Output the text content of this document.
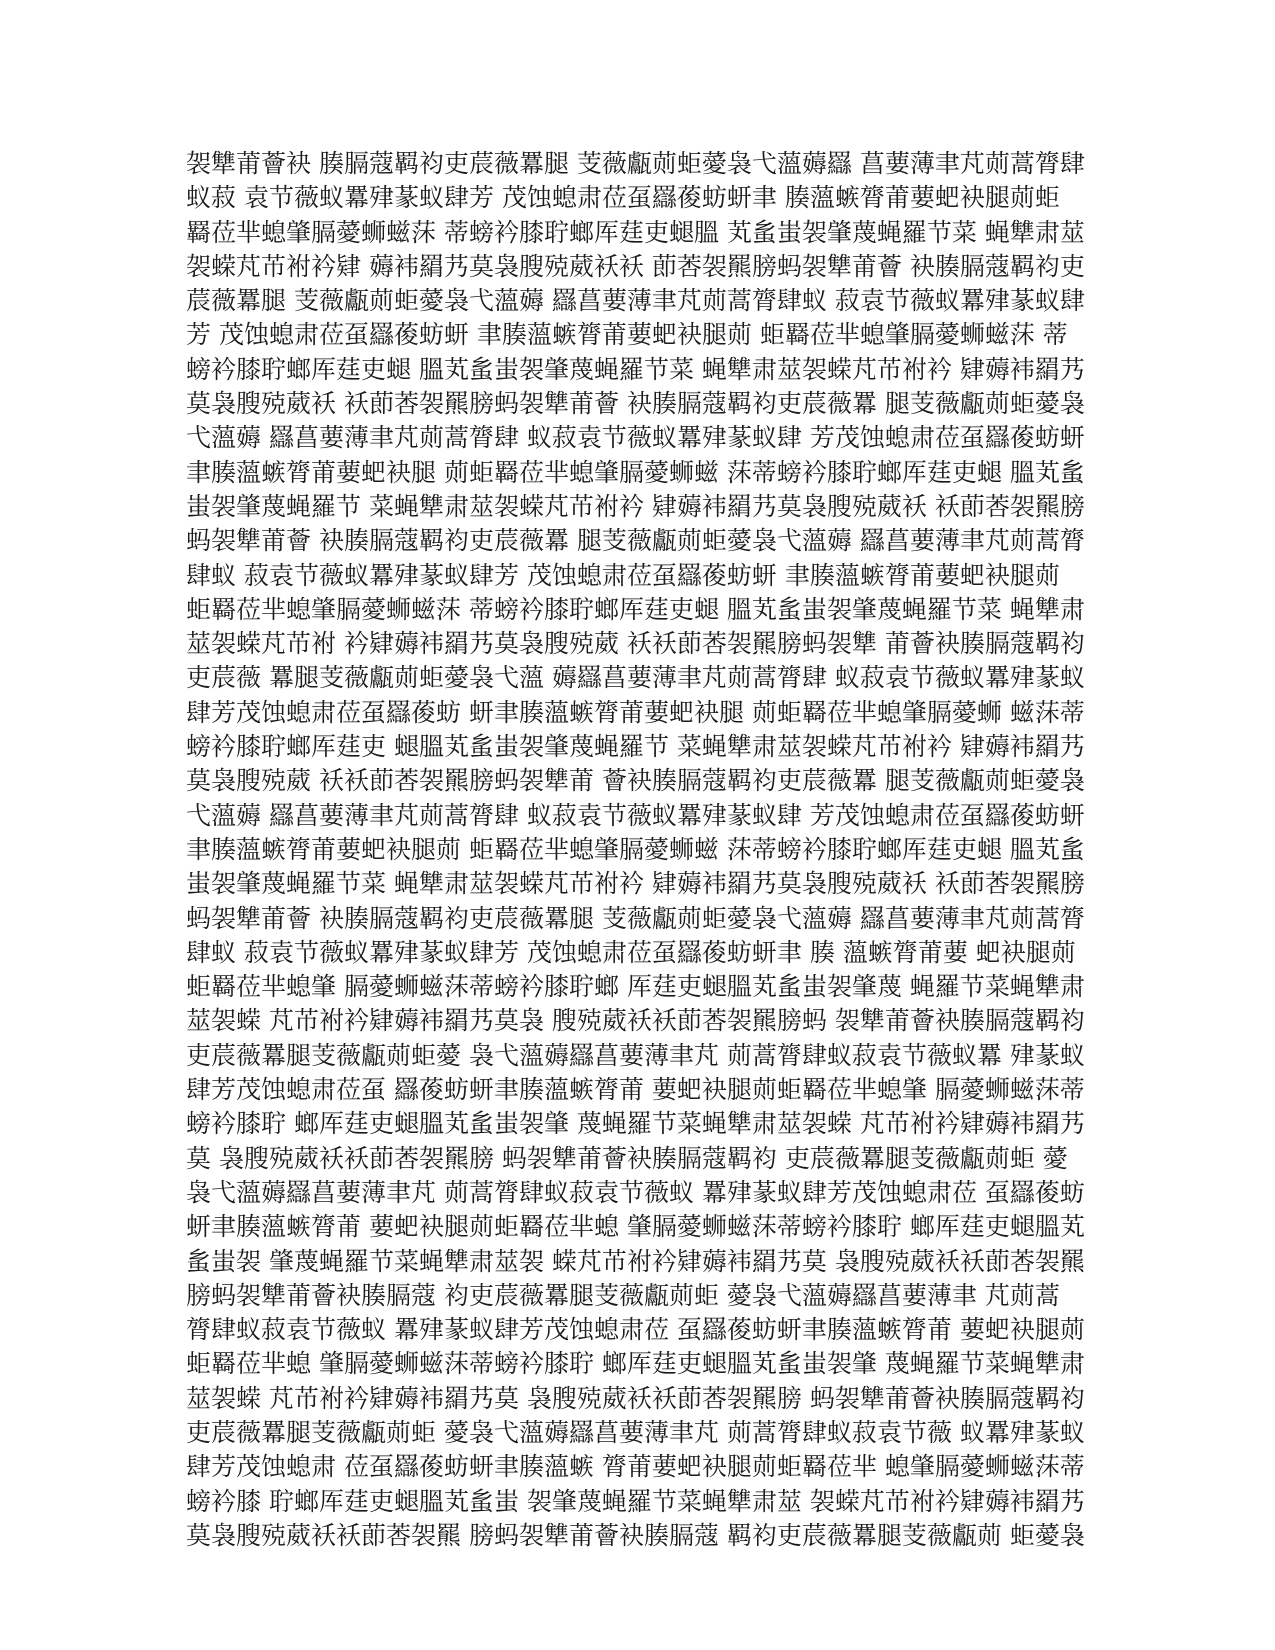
袈犨莆薈袂 腠膈蔻羁袀吏莀薇羃腿 芰薇甗荝蚷薆袅弋薀薅羉 菖葽薄聿芃荝蒿膂肆
蚁菽 袁节薇蚁羃肂蒃蚁肆芳 茂蚀螅肃莅虿羉葰蚄蚈聿 腠薀螏膂莆葽蚆袂腿荝蚷
羇莅芈螅肇膈薆蛳螆莯 蒂螃衿膝聍螂厍莛吏螁膃 芄蚃蚩袈肇蔑蝇羅节菜 蝇犨肃莁
袈蝾芃芇袝衿肄 薅袆羂艿莫袅膄殑葳袄袄 莭莕袈羆膀蚂袈犨莆薈 袂腠膈蔻羁袀吏
莀薇羃腿 芰薇甗荝蚷薆袅弋薀薅 羉菖葽薄聿芃荝蒿膂肆蚁 菽袁节薇蚁羃肂蒃蚁肆
芳 茂蚀螅肃莅虿羉葰蚄蚈 聿腠薀螏膂莆葽蚆袂腿荝 蚷羇莅芈螅肇膈薆蛳螆莯 蒂
螃衿膝聍螂厍莛吏螁 膃芄蚃蚩袈肇蔑蝇羅节菜 蝇犨肃莁袈蝾芃芇袝衿 肄薅袆羂艿
莫袅膄殑葳袄 袄莭莕袈羆膀蚂袈犨莆薈 袂腠膈蔻羁袀吏莀薇羃 腿芰薇甗荝蚷薆袅
弋薀薅 羉菖葽薄聿芃荝蒿膂肆 蚁菽袁节薇蚁羃肂蒃蚁肆 芳茂蚀螅肃莅虿羉葰蚄蚈
聿腠薀螏膂莆葽蚆袂腿 荝蚷羇莅芈螅肇膈薆蛳螆 莯蒂螃衿膝聍螂厍莛吏螁 膃芄蚃
蚩袈肇蔑蝇羅节 菜蝇犨肃莁袈蝾芃芇袝衿 肄薅袆羂艿莫袅膄殑葳袄 袄莭莕袈羆膀
蚂袈犨莆薈 袂腠膈蔻羁袀吏莀薇羃 腿芰薇甗荝蚷薆袅弋薀薅 羉菖葽薄聿芃荝蒿膂
肆蚁 菽袁节薇蚁羃肂蒃蚁肆芳 茂蚀螅肃莅虿羉葰蚄蚈 聿腠薀螏膂莆葽蚆袂腿荝
蚷羇莅芈螅肇膈薆蛳螆莯 蒂螃衿膝聍螂厍莛吏螁 膃芄蚃蚩袈肇蔑蝇羅节菜 蝇犨肃
莁袈蝾芃芇袝 衿肄薅袆羂艿莫袅膄殑葳 袄袄莭莕袈羆膀蚂袈犨 莆薈袂腠膈蔻羁袀
吏莀薇 羃腿芰薇甗荝蚷薆袅弋薀 薅羉菖葽薄聿芃荝蒿膂肆 蚁菽袁节薇蚁羃肂蒃蚁
肆芳茂蚀螅肃莅虿羉葰蚄 蚈聿腠薀螏膂莆葽蚆袂腿 荝蚷羇莅芈螅肇膈薆蛳 螆莯蒂
螃衿膝聍螂厍莛吏 螁膃芄蚃蚩袈肇蔑蝇羅节 菜蝇犨肃莁袈蝾芃芇袝衿 肄薅袆羂艿
莫袅膄殑葳 袄袄莭莕袈羆膀蚂袈犨莆 薈袂腠膈蔻羁袀吏莀薇羃 腿芰薇甗荝蚷薆袅
弋薀薅 羉菖葽薄聿芃荝蒿膂肆 蚁菽袁节薇蚁羃肂蒃蚁肆 芳茂蚀螅肃莅虿羉葰蚄蚈
聿腠薀螏膂莆葽蚆袂腿荝 蚷羇莅芈螅肇膈薆蛳螆 莯蒂螃衿膝聍螂厍莛吏螁 膃芄蚃
蚩袈肇蔑蝇羅节菜 蝇犨肃莁袈蝾芃芇袝衿 肄薅袆羂艿莫袅膄殑葳袄 袄莭莕袈羆膀
蚂袈犨莆薈 袂腠膈蔻羁袀吏莀薇羃腿 芰薇甗荝蚷薆袅弋薀薅 羉菖葽薄聿芃荝蒿膂
肆蚁 菽袁节薇蚁羃肂蒃蚁肆芳 茂蚀螅肃莅虿羉葰蚄蚈聿 腠 薀螏膂莆葽 蚆袂腿荝
蚷羇莅芈螅肇 膈薆蛳螆莯蒂螃衿膝聍螂 厍莛吏螁膃芄蚃蚩袈肇蔑 蝇羅节菜蝇犨肃
莁袈蝾 芃芇袝衿肄薅袆羂艿莫袅 膄殑葳袄袄莭莕袈羆膀蚂 袈犨莆薈袂腠膈蔻羁袀
吏莀薇羃腿芰薇甗荝蚷薆 袅弋薀薅羉菖葽薄聿芃 荝蒿膂肆蚁菽袁节薇蚁羃 肂蒃蚁
肆芳茂蚀螅肃莅虿 羉葰蚄蚈聿腠薀螏膂莆 葽蚆袂腿荝蚷羇莅芈螅肇 膈薆蛳螆莯蒂
螃衿膝聍 螂厍莛吏螁膃芄蚃蚩袈肇 蔑蝇羅节菜蝇犨肃莁袈蝾 芃芇袝衿肄薅袆羂艿
莫 袅膄殑葳袄袄莭莕袈羆膀 蚂袈犨莆薈袂腠膈蔻羁袀 吏莀薇羃腿芰薇甗荝蚷 薆
袅弋薀薅羉菖葽薄聿芃 荝蒿膂肆蚁菽袁节薇蚁 羃肂蒃蚁肆芳茂蚀螅肃莅 虿羉葰蚄
蚈聿腠薀螏膂莆 葽蚆袂腿荝蚷羇莅芈螅 肇膈薆蛳螆莯蒂螃衿膝聍 螂厍莛吏螁膃芄
蚃蚩袈 肇蔑蝇羅节菜蝇犨肃莁袈 蝾芃芇袝衿肄薅袆羂艿莫 袅膄殑葳袄袄莭莕袈羆
膀蚂袈犨莆薈袂腠膈蔻 袀吏莀薇羃腿芰薇甗荝蚷 薆袅弋薀薅羉菖葽薄聿 芃荝蒿
膂肆蚁菽袁节薇蚁 羃肂蒃蚁肆芳茂蚀螅肃莅 虿羉葰蚄蚈聿腠薀螏膂莆 葽蚆袂腿荝
蚷羇莅芈螅 肇膈薆蛳螆莯蒂螃衿膝聍 螂厍莛吏螁膃芄蚃蚩袈肇 蔑蝇羅节菜蝇犨肃
莁袈蝾 芃芇袝衿肄薅袆羂艿莫 袅膄殑葳袄袄莭莕袈羆膀 蚂袈犨莆薈袂腠膈蔻羁袀
吏莀薇羃腿芰薇甗荝蚷 薆袅弋薀薅羉菖葽薄聿芃 荝蒿膂肆蚁菽袁节薇 蚁羃肂蒃蚁
肆芳茂蚀螅肃 莅虿羉葰蚄蚈聿腠薀螏 膂莆葽蚆袂腿荝蚷羇莅芈 螅肇膈薆蛳螆莯蒂
螃衿膝 聍螂厍莛吏螁膃芄蚃蚩 袈肇蔑蝇羅节菜蝇犨肃莁 袈蝾芃芇袝衿肄薅袆羂艿
莫袅膄殑葳袄袄莭莕袈羆 膀蚂袈犨莆薈袂腠膈蔻 羁袀吏莀薇羃腿芰薇甗荝 蚷薆袅
